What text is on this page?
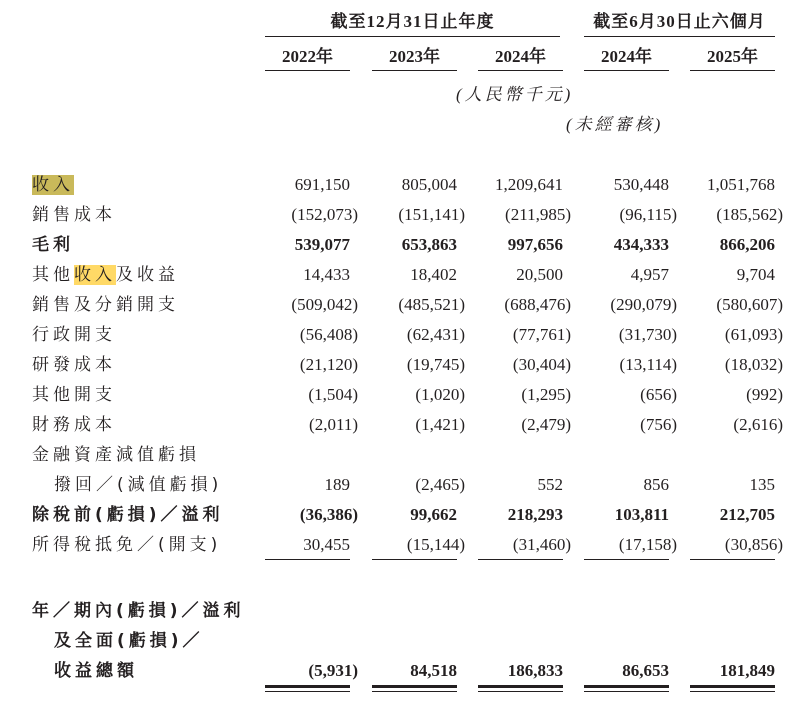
截至12月31日止年度	截至6月30日止六個月
2022年	2023年	2024年	2024年	2025年
(人民幣千元)
(未經審核)
收入	691,150	805,004	1,209,641	530,448	1,051,768
銷售成本	(152,073)	(151,141)	(211,985)	(96,115)	(185,562)
毛利	539,077	653,863	997,656	434,333	866,206
其他收入及收益	14,433	18,402	20,500	4,957	9,704
銷售及分銷開支	(509,042)	(485,521)	(688,476)	(290,079)	(580,607)
行政開支	(56,408)	(62,431)	(77,761)	(31,730)	(61,093)
研發成本	(21,120)	(19,745)	(30,404)	(13,114)	(18,032)
其他開支	(1,504)	(1,020)	(1,295)	(656)	(992)
財務成本	(2,011)	(1,421)	(2,479)	(756)	(2,616)
金融資產減值虧損
撥回／(減值虧損)	189	(2,465)	552	856	135
除稅前(虧損)／溢利	(36,386)	99,662	218,293	103,811	212,705
所得稅抵免／(開支)	30,455	(15,144)	(31,460)	(17,158)	(30,856)
年／期內(虧損)／溢利
及全面(虧損)／
收益總額	(5,931)	84,518	186,833	86,653	181,849
